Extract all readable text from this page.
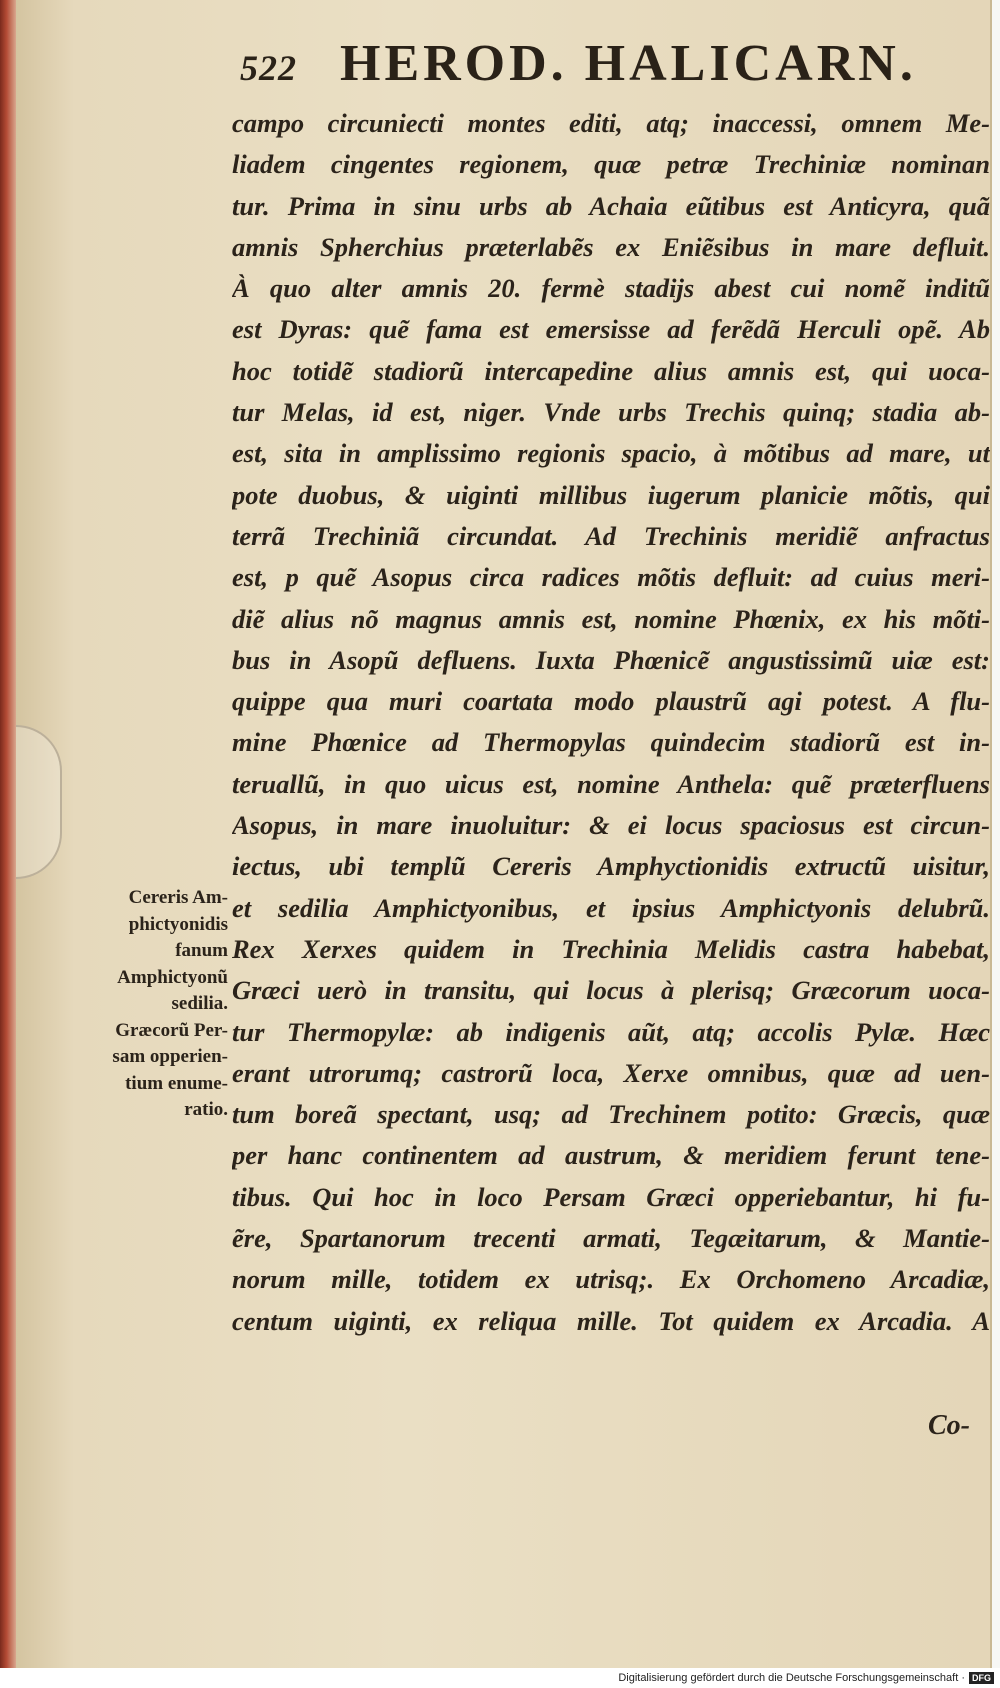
522 HEROD. HALICARN.
campo circuniecti montes editi, atq; inaccessi, omnem Me-
liadem cingentes regionem, quæ petræ Trechiniæ nominan
tur. Prima in sinu urbs ab Achaia eũtibus est Anticyra, quã
amnis Spherchius præterlabẽs ex Eniẽsibus in mare defluit.
À quo alter amnis 20. fermè stadijs abest cui nomẽ inditũ
est Dyras: quẽ fama est emersisse ad ferẽdã Herculi opẽ. Ab
hoc totidẽ stadiorũ intercapedine alius amnis est, qui uoca-
tur Melas, id est, niger. Vnde urbs Trechis quinq; stadia ab-
est, sita in amplissimo regionis spacio, à mõtibus ad mare, ut
pote duobus, & uiginti millibus iugerum planicie mõtis, qui
terrã Trechiniã circundat. Ad Trechinis meridiẽ anfractus
est, p quẽ Asopus circa radices mõtis defluit: ad cuius meri-
diẽ alius nõ magnus amnis est, nomine Phœnix, ex his mõti-
bus in Asopũ defluens. Iuxta Phœnicẽ angustissimũ uiæ est:
quippe qua muri coartata modo plaustrũ agi potest. A flu-
mine Phœnice ad Thermopylas quindecim stadiorũ est in-
teruallũ, in quo uicus est, nomine Anthela: quẽ præterfluens
Asopus, in mare inuoluitur: & ei locus spaciosus est circun-
iectus, ubi templũ Cereris Amphyctionidis extructũ uisitur,
et sedilia Amphictyonibus, et ipsius Amphictyonis delubrũ.
Rex Xerxes quidem in Trechinia Melidis castra habebat,
Græci uerò in transitu, qui locus à plerisq; Græcorum uoca-
tur Thermopylæ: ab indigenis aũt, atq; accolis Pylæ. Hæc
erant utrorumq; castrorũ loca, Xerxe omnibus, quæ ad uen-
tum boreã spectant, usq; ad Trechinem potito: Græcis, quæ
per hanc continentem ad austrum, & meridiem ferunt tene-
tibus. Qui hoc in loco Persam Græci opperiebantur, hi fu-
ẽre, Spartanorum trecenti armati, Tegæitarum, & Mantie-
norum mille, totidem ex utrisq;. Ex Orchomeno Arcadiæ,
centum uiginti, ex reliqua mille. Tot quidem ex Arcadia. A
Co-
Cereris Am-
phictyonidis
fanum
Amphictyonũ
sedilia.
Græcorũ Per-
sam opperien-
tium enume-
ratio.
Digitalisierung gefördert durch die Deutsche Forschungsgemeinschaft · DFG
